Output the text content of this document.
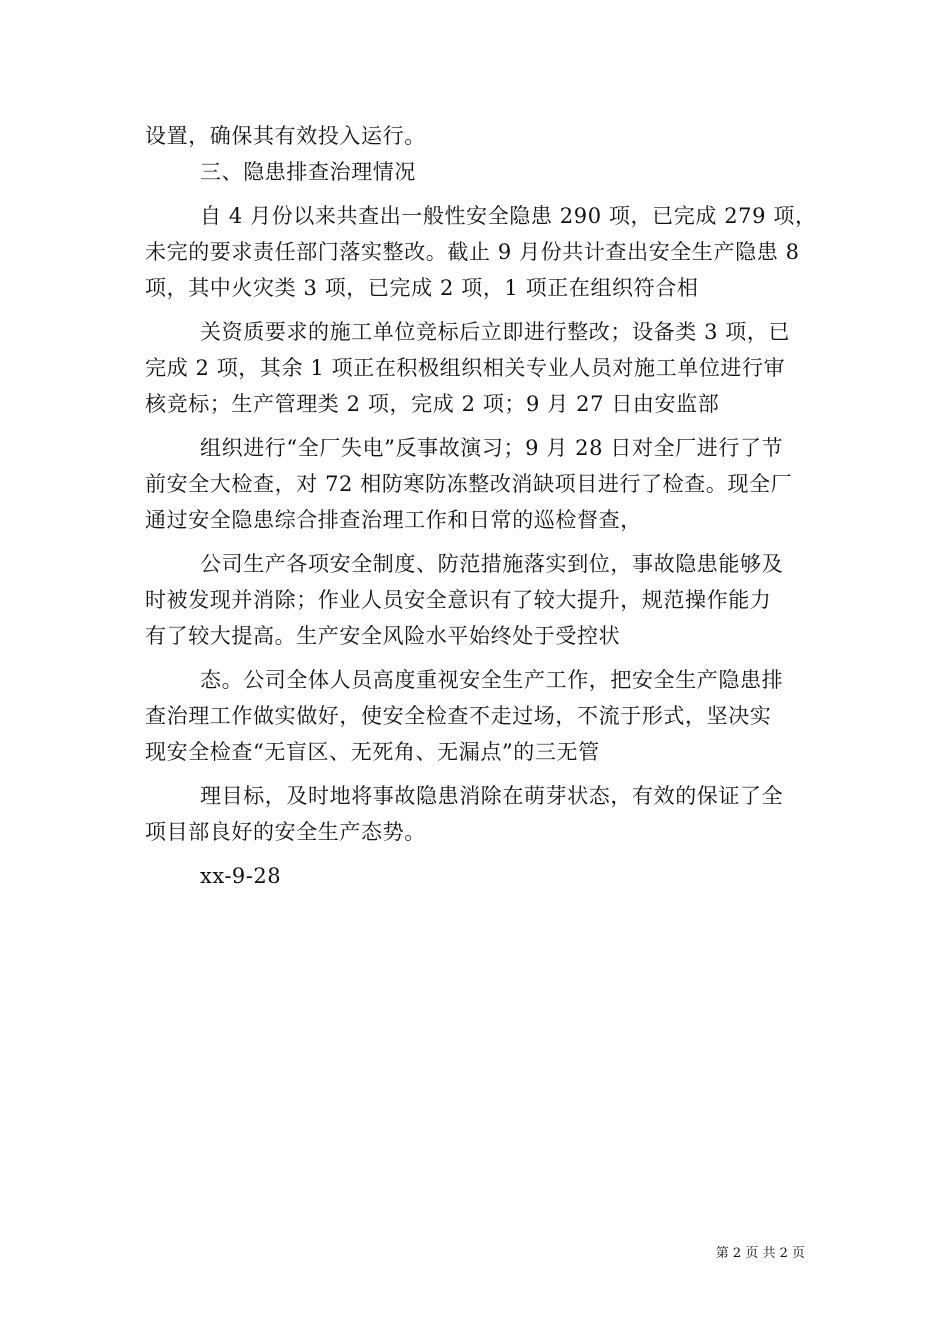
设置，确保其有效投入运行。
三、隐患排查治理情况
自 4 月份以来共查出一般性安全隐患 290 项，已完成 279 项，
未完的要求责任部门落实整改。截止 9 月份共计查出安全生产隐患 8
项，其中火灾类 3 项，已完成 2 项，1 项正在组织符合相
关资质要求的施工单位竞标后立即进行整改；设备类 3 项，已
完成 2 项，其余 1 项正在积极组织相关专业人员对施工单位进行审
核竞标；生产管理类 2 项，完成 2 项；9 月 27 日由安监部
组织进行“全厂失电”反事故演习；9 月 28 日对全厂进行了节
前安全大检查，对 72 相防寒防冻整改消缺项目进行了检查。现全厂
通过安全隐患综合排查治理工作和日常的巡检督查，
公司生产各项安全制度、防范措施落实到位，事故隐患能够及
时被发现并消除；作业人员安全意识有了较大提升，规范操作能力
有了较大提高。生产安全风险水平始终处于受控状
态。公司全体人员高度重视安全生产工作，把安全生产隐患排
查治理工作做实做好，使安全检查不走过场，不流于形式，坚决实
现安全检查“无盲区、无死角、无漏点”的三无管
理目标，及时地将事故隐患消除在萌芽状态，有效的保证了全
项目部良好的安全生产态势。
xx-9-28
第 2 页 共 2 页
